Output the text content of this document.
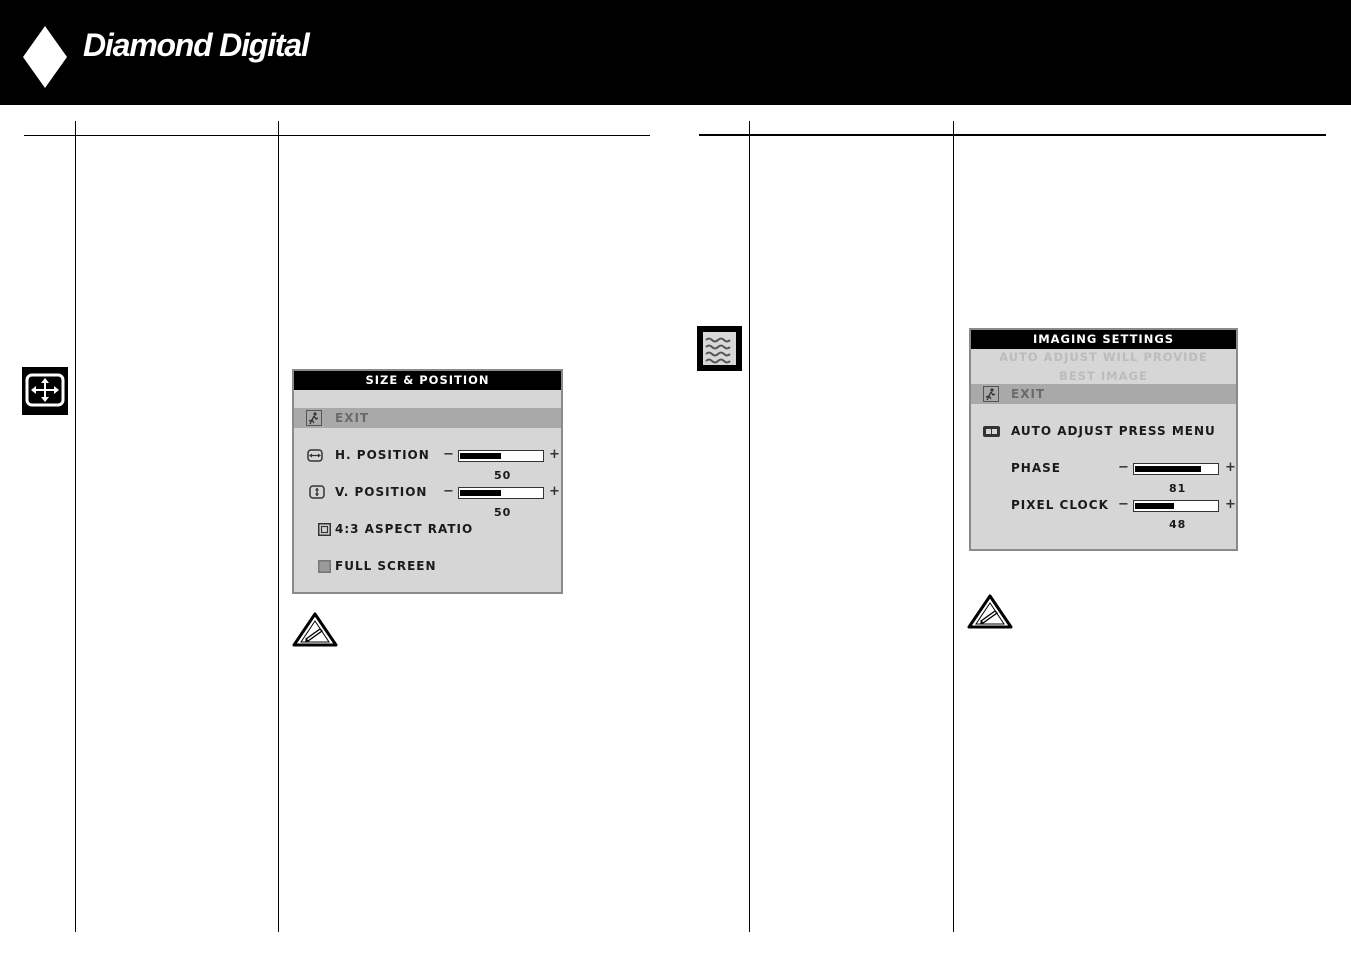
Diamond Digital
SIZE & POSITION
EXIT
H. POSITION −	+
50
V. POSITION −	+
50
4:3 ASPECT RATIO
FULL SCREEN
IMAGING SETTINGS
AUTO ADJUST WILL PROVIDE
BEST IMAGE
EXIT
AUTO ADJUST PRESS MENU
PHASE	−	+
81
PIXEL CLOCK −	+
48
